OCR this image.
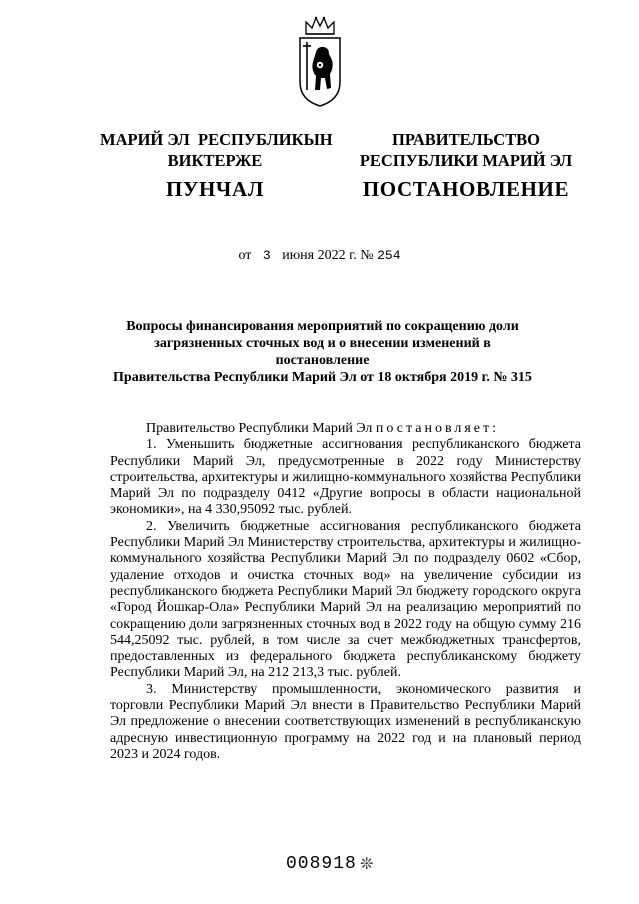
МАРИЙ ЭЛ  РЕСПУБЛИКЫН
ВИКТЕРЖЕ
ПУНЧАЛ
ПРАВИТЕЛЬСТВО
РЕСПУБЛИКИ МАРИЙ ЭЛ
ПОСТАНОВЛЕНИЕ
от 3 июня 2022 г. № 254
Вопросы финансирования мероприятий по сокращению доли
загрязненных сточных вод и о внесении изменений в постановление
Правительства Республики Марий Эл от 18 октября 2019 г. № 315

Правительство Республики Марий Эл постановляет:

1. Уменьшить бюджетные ассигнования республиканского бюджета Республики Марий Эл, предусмотренные в 2022 году Министерству строительства, архитектуры и жилищно-коммунального хозяйства Республики Марий Эл по подразделу 0412 «Другие вопросы в области национальной экономики», на 4 330,95092 тыс. рублей.

2. Увеличить бюджетные ассигнования республиканского бюджета Республики Марий Эл Министерству строительства, архитектуры и жилищно-коммунального хозяйства Республики Марий Эл по подразделу 0602 «Сбор, удаление отходов и очистка сточных вод» на увеличение субсидии из республиканского бюджета Республики Марий Эл бюджету городского округа «Город Йошкар-Ола» Республики Марий Эл на реализацию мероприятий по сокращению доли загрязненных сточных вод в 2022 году на общую сумму 216 544,25092 тыс. рублей, в том числе за счет межбюджетных трансфертов, предоставленных из федерального бюджета республиканскому бюджету Республики Марий Эл, на 212 213,3 тыс. рублей.

3. Министерству промышленности, экономического развития и торговли Республики Марий Эл внести в Правительство Республики Марий Эл предложение о внесении соответствующих изменений в республиканскую адресную инвестиционную программу на 2022 год и на плановый период 2023 и 2024 годов.

008918 ❊
